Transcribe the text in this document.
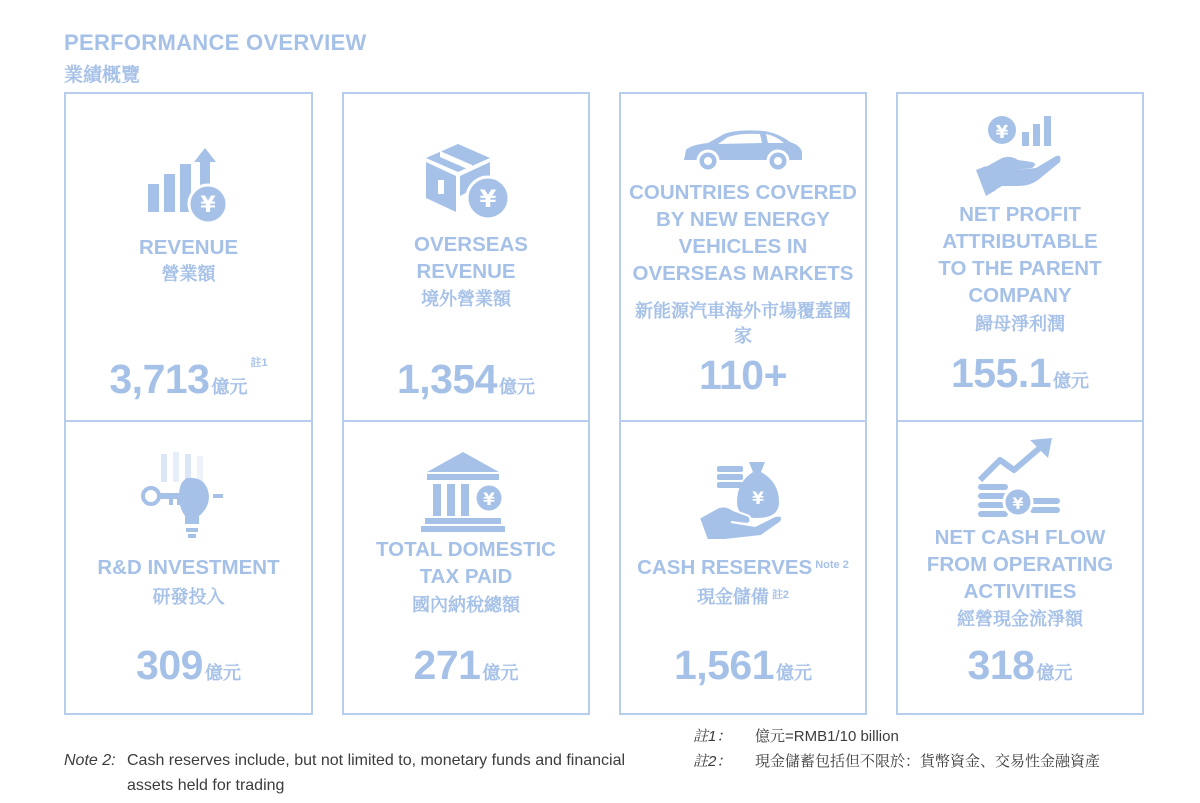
PERFORMANCE OVERVIEW
業績概覽
¥
REVENUE
營業額
3,713 億元$^{註1}$
¥
OVERSEAS REVENUE
境外營業額
1,354 億元
COUNTRIES COVERED BY NEW ENERGY VEHICLES IN OVERSEAS MARKETS
新能源汽車海外市場覆蓋國家
110+
¥
NET PROFIT ATTRIBUTABLE TO THE PARENT COMPANY
歸母淨利潤
155.1 億元
R&D INVESTMENT
研發投入
309 億元
¥
TOTAL DOMESTIC TAX PAID
國內納稅總額
271 億元
¥
CASH RESERVES $^{Note 2}$
現金儲備 $^{註2}$
1,561 億元
¥
NET CASH FLOW FROM OPERATING ACTIVITIES
經營現金流淨額
318 億元
註1： 億元=RMB1/10 billion
註2： 現金儲蓄包括但不限於：貨幣資金、交易性金融資產
Note 2: Cash reserves include, but not limited to, monetary funds and financial assets held for trading
